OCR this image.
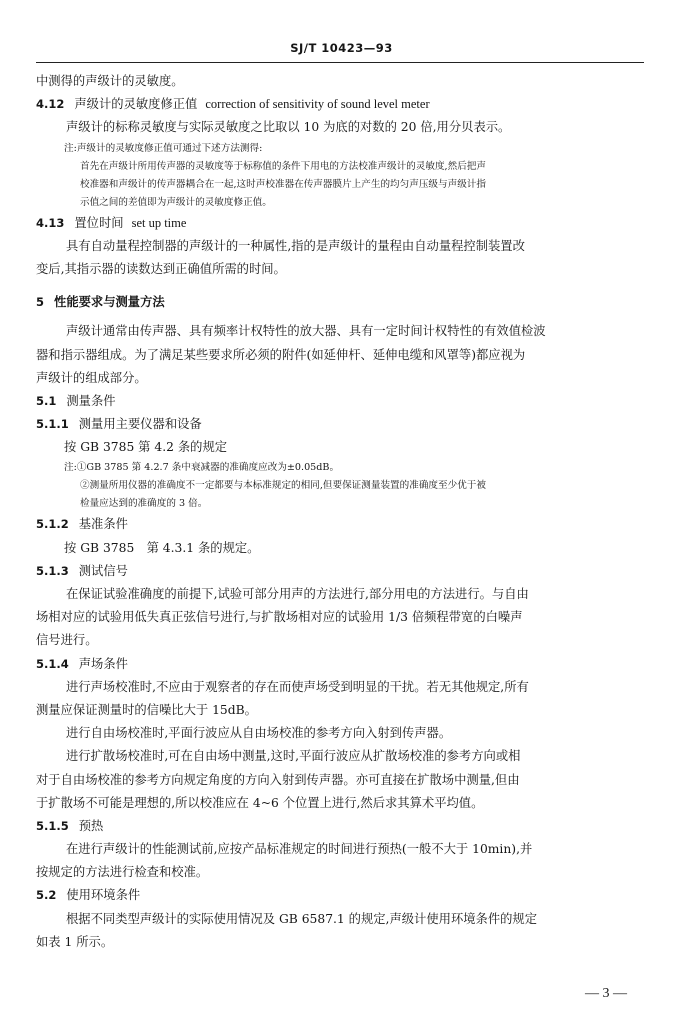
SJ/T 10423—93

中测得的声级计的灵敏度。

4.12 声级计的灵敏度修正值 correction of sensitivity of sound level meter

声级计的标称灵敏度与实际灵敏度之比取以 10 为底的对数的 20 倍,用分贝表示。

注:声级计的灵敏度修正值可通过下述方法测得:

首先在声级计所用传声器的灵敏度等于标称值的条件下用电的方法校准声级计的灵敏度,然后把声

校准器和声级计的传声器耦合在一起,这时声校准器在传声器膜片上产生的均匀声压级与声级计指

示值之间的差值即为声级计的灵敏度修正值。

4.13 置位时间 set up time

具有自动量程控制器的声级计的一种属性,指的是声级计的量程由自动量程控制装置改

变后,其指示器的读数达到正确值所需的时间。

5 性能要求与测量方法

声级计通常由传声器、具有频率计权特性的放大器、具有一定时间计权特性的有效值检波

器和指示器组成。为了满足某些要求所必须的附件(如延伸杆、延伸电缆和风罩等)都应视为

声级计的组成部分。

5.1 测量条件

5.1.1 测量用主要仪器和设备

按 GB 3785 第 4.2 条的规定

注:①GB 3785 第 4.2.7 条中衰减器的准确度应改为±0.05dB。

②测量所用仪器的准确度不一定都要与本标准规定的相同,但要保证测量装置的准确度至少优于被

检量应达到的准确度的 3 倍。

5.1.2 基准条件

按 GB 3785　第 4.3.1 条的规定。

5.1.3 测试信号

在保证试验准确度的前提下,试验可部分用声的方法进行,部分用电的方法进行。与自由

场相对应的试验用低失真正弦信号进行,与扩散场相对应的试验用 1/3 倍频程带宽的白噪声

信号进行。

5.1.4 声场条件

进行声场校准时,不应由于观察者的存在而使声场受到明显的干扰。若无其他规定,所有

测量应保证测量时的信噪比大于 15dB。

进行自由场校准时,平面行波应从自由场校准的参考方向入射到传声器。

进行扩散场校准时,可在自由场中测量,这时,平面行波应从扩散场校准的参考方向或相

对于自由场校准的参考方向规定角度的方向入射到传声器。亦可直接在扩散场中测量,但由

于扩散场不可能是理想的,所以校准应在 4~6 个位置上进行,然后求其算术平均值。

5.1.5 预热

在进行声级计的性能测试前,应按产品标准规定的时间进行预热(一般不大于 10min),并

按规定的方法进行检查和校准。

5.2 使用环境条件

根据不同类型声级计的实际使用情况及 GB 6587.1 的规定,声级计使用环境条件的规定

如表 1 所示。

— 3 —
